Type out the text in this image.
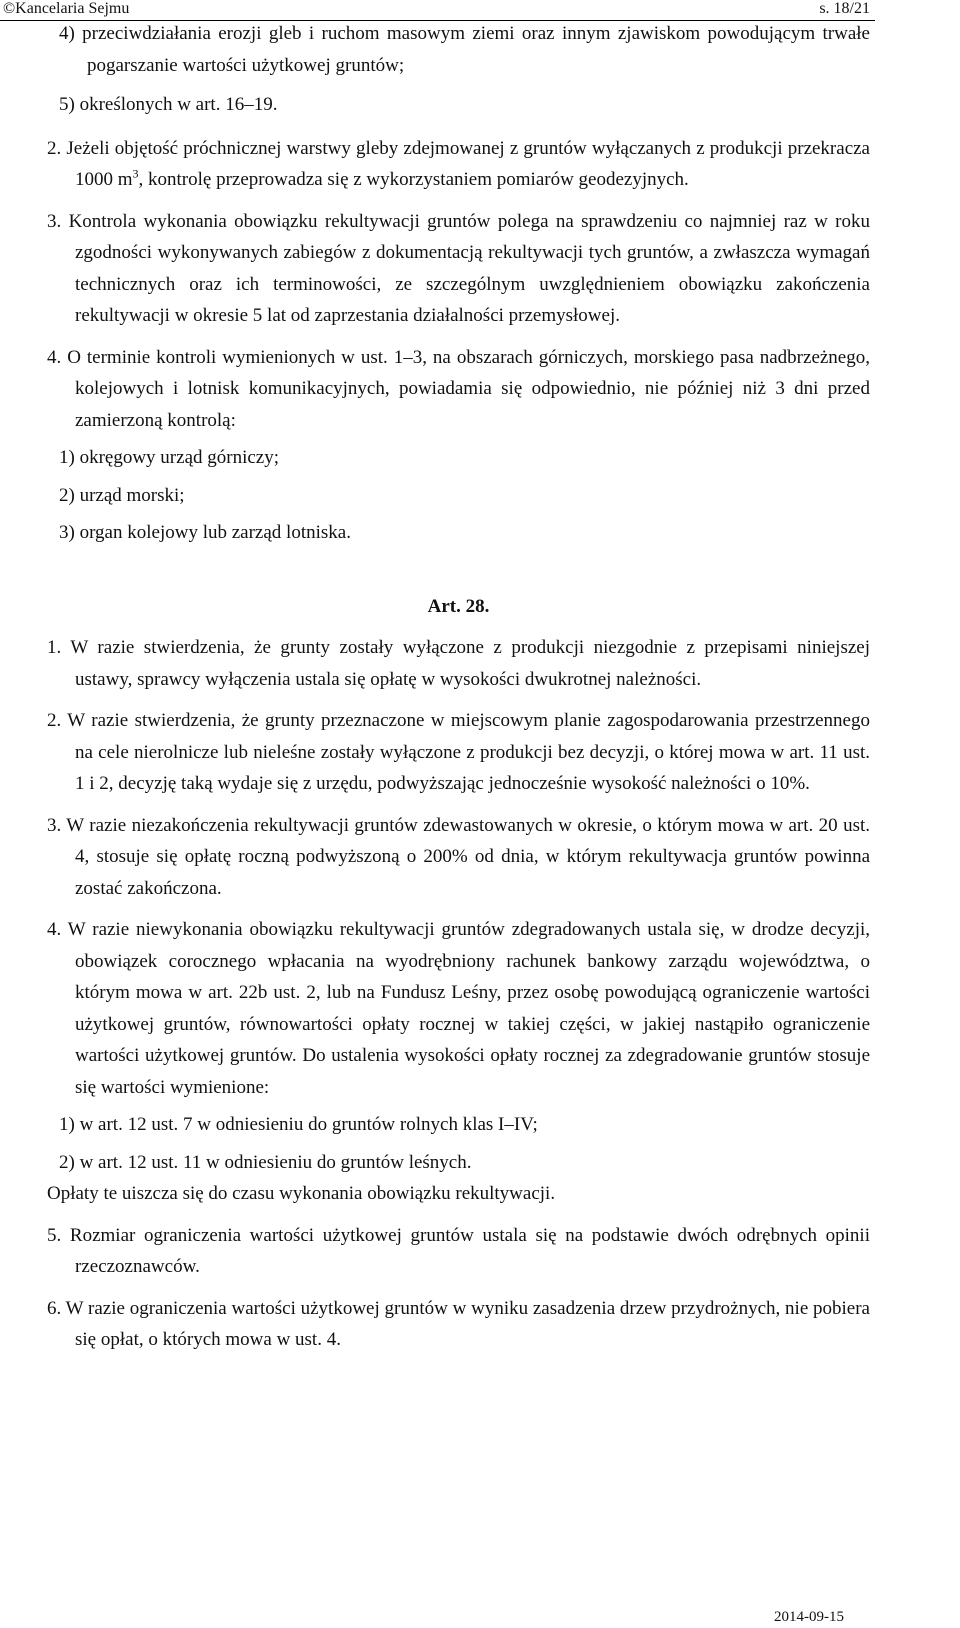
©Kancelaria Sejmu	s. 18/21

4) przeciwdziałania erozji gleb i ruchom masowym ziemi oraz innym zjawiskom powodującym trwałe pogarszanie wartości użytkowej gruntów;

5) określonych w art. 16–19.

2. Jeżeli objętość próchnicznej warstwy gleby zdejmowanej z gruntów wyłączanych z produkcji przekracza 1000 $m^3$, kontrolę przeprowadza się z wykorzystaniem pomiarów geodezyjnych.

3. Kontrola wykonania obowiązku rekultywacji gruntów polega na sprawdzeniu co najmniej raz w roku zgodności wykonywanych zabiegów z dokumentacją rekultywacji tych gruntów, a zwłaszcza wymagań technicznych oraz ich terminowości, ze szczególnym uwzględnieniem obowiązku zakończenia rekultywacji w okresie 5 lat od zaprzestania działalności przemysłowej.

4. O terminie kontroli wymienionych w ust. 1–3, na obszarach górniczych, morskiego pasa nadbrzeżnego, kolejowych i lotnisk komunikacyjnych, powiadamia się odpowiednio, nie później niż 3 dni przed zamierzoną kontrolą:

1) okręgowy urząd górniczy;

2) urząd morski;

3) organ kolejowy lub zarząd lotniska.

Art. 28.

1. W razie stwierdzenia, że grunty zostały wyłączone z produkcji niezgodnie z przepisami niniejszej ustawy, sprawcy wyłączenia ustala się opłatę w wysokości dwukrotnej należności.

2. W razie stwierdzenia, że grunty przeznaczone w miejscowym planie zagospodarowania przestrzennego na cele nierolnicze lub nieleśne zostały wyłączone z produkcji bez decyzji, o której mowa w art. 11 ust. 1 i 2, decyzję taką wydaje się z urzędu, podwyższając jednocześnie wysokość należności o 10%.

3. W razie niezakończenia rekultywacji gruntów zdewastowanych w okresie, o którym mowa w art. 20 ust. 4, stosuje się opłatę roczną podwyższoną o 200% od dnia, w którym rekultywacja gruntów powinna zostać zakończona.

4. W razie niewykonania obowiązku rekultywacji gruntów zdegradowanych ustala się, w drodze decyzji, obowiązek corocznego wpłacania na wyodrębniony rachunek bankowy zarządu województwa, o którym mowa w art. 22b ust. 2, lub na Fundusz Leśny, przez osobę powodującą ograniczenie wartości użytkowej gruntów, równowartości opłaty rocznej w takiej części, w jakiej nastąpiło ograniczenie wartości użytkowej gruntów. Do ustalenia wysokości opłaty rocznej za zdegradowanie gruntów stosuje się wartości wymienione:

1) w art. 12 ust. 7 w odniesieniu do gruntów rolnych klas I–IV;

2) w art. 12 ust. 11 w odniesieniu do gruntów leśnych.

Opłaty te uiszcza się do czasu wykonania obowiązku rekultywacji.

5. Rozmiar ograniczenia wartości użytkowej gruntów ustala się na podstawie dwóch odrębnych opinii rzeczoznawców.

6. W razie ograniczenia wartości użytkowej gruntów w wyniku zasadzenia drzew przydrożnych, nie pobiera się opłat, o których mowa w ust. 4.

2014-09-15
